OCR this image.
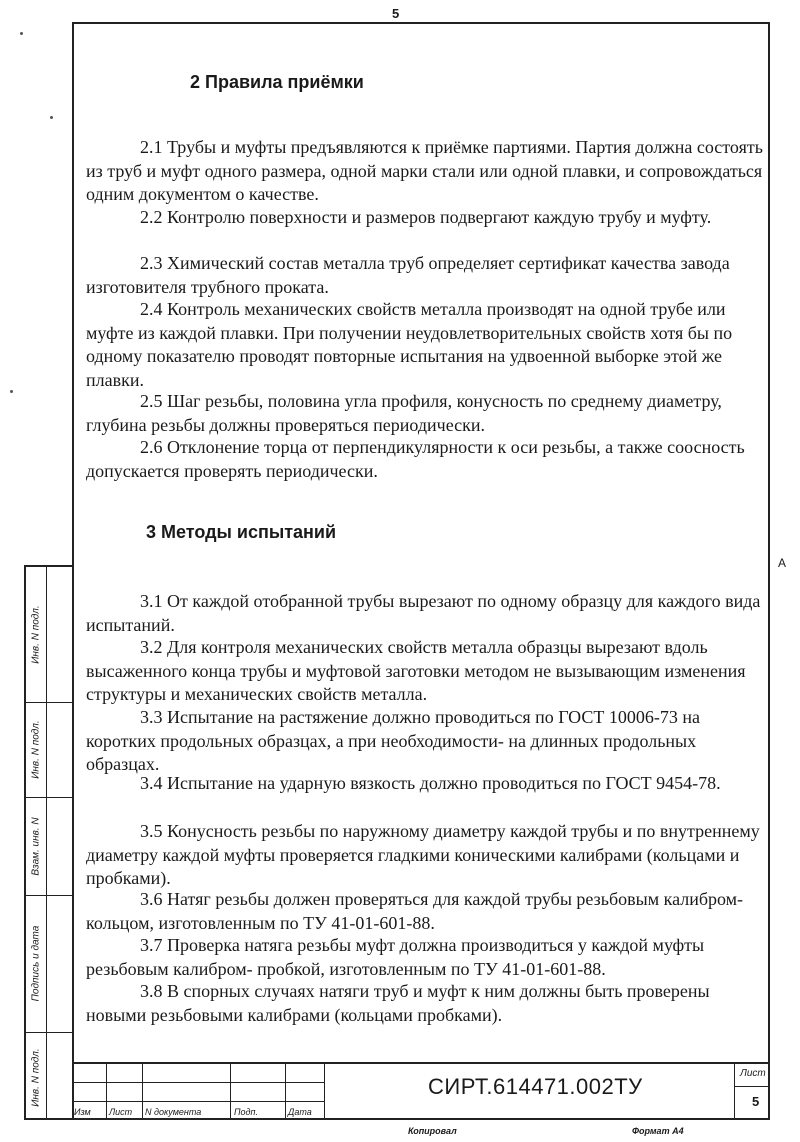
5
2 Правила приёмки
2.1 Трубы и муфты предъявляются к приёмке партиями. Партия должна состоять из труб и муфт одного размера, одной марки стали или одной плавки, и сопровождаться одним документом о качестве.
2.2 Контролю поверхности и размеров подвергают каждую трубу и муфту.
2.3 Химический состав металла труб определяет сертификат качества завода изготовителя трубного проката.
2.4 Контроль механических свойств металла производят на одной трубе или муфте из каждой плавки. При получении неудовлетворительных свойств хотя бы по одному показателю проводят повторные испытания на удвоенной выборке этой же плавки.
2.5 Шаг резьбы, половина угла профиля, конусность по среднему диаметру, глубина резьбы должны проверяться периодически.
2.6 Отклонение торца от перпендикулярности к оси резьбы, а также соосность допускается проверять периодически.
3 Методы испытаний
3.1 От каждой отобранной трубы вырезают по одному образцу для каждого вида испытаний.
3.2 Для контроля механических свойств металла образцы вырезают вдоль высаженного конца трубы и муфтовой заготовки методом не вызывающим изменения структуры и механических свойств металла.
3.3 Испытание на растяжение должно проводиться по ГОСТ 10006-73 на коротких продольных образцах, а при необходимости- на длинных продольных образцах.
3.4 Испытание на ударную вязкость должно проводиться по ГОСТ 9454-78.
3.5 Конусность резьбы по наружному диаметру каждой трубы и по внутреннему диаметру каждой муфты проверяется гладкими коническими калибрами (кольцами и пробками).
3.6 Натяг резьбы должен проверяться для каждой трубы резьбовым калибром- кольцом, изготовленным по ТУ 41-01-601-88.
3.7 Проверка натяга резьбы муфт должна производиться у каждой муфты резьбовым калибром- пробкой, изготовленным по ТУ 41-01-601-88.
3.8 В спорных случаях натяги труб и муфт к ним должны быть проверены новыми резьбовыми калибрами (кольцами пробками).
Инв. N подл.
Инв. N подл.
Взам. инв. N
Подпись и дата
Инв. N подл.
Изм Лист N документа	Подп.	Дата
СИРТ.614471.002ТУ
Лист
5
Копировал	Формат А4
А
